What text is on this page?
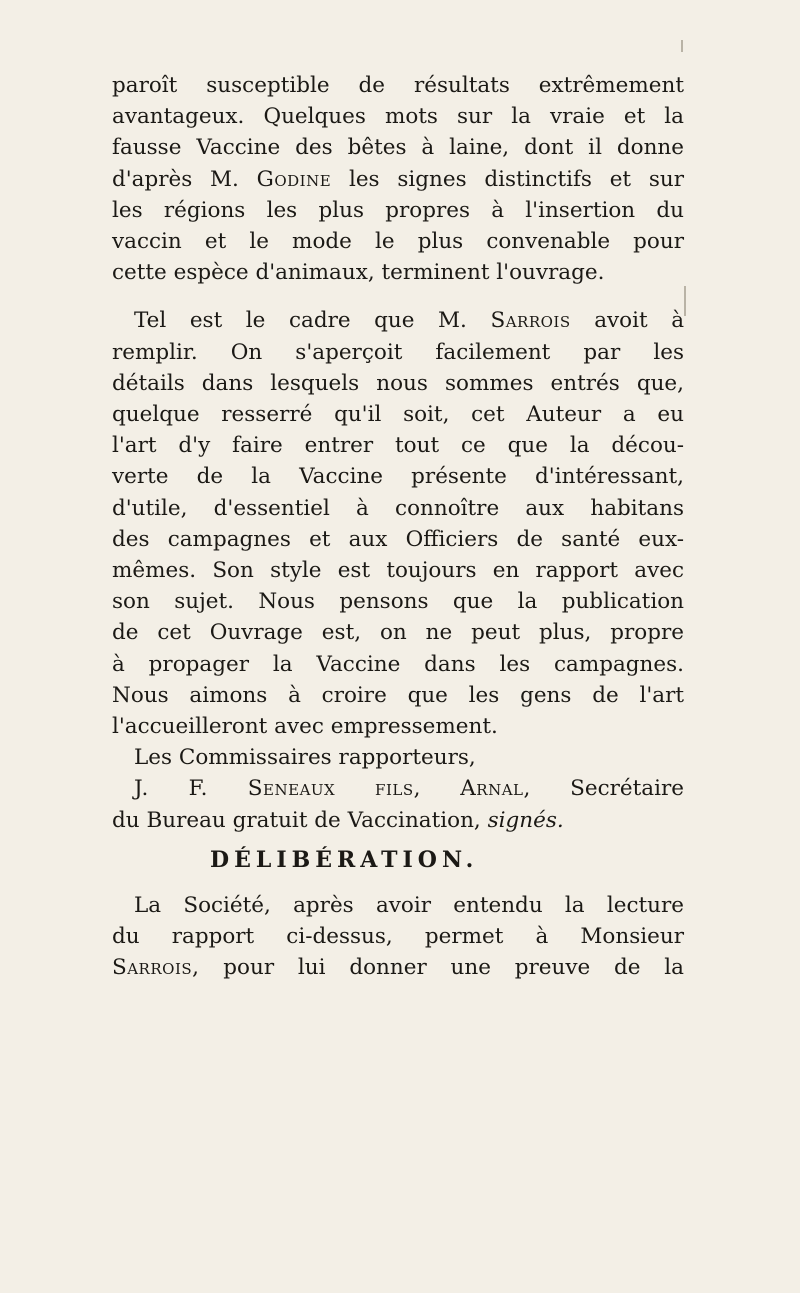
paroît susceptible de résultats extrêmement
avantageux. Quelques mots sur la vraie et la
fausse Vaccine des bêtes à laine, dont il donne
d'après M. Godine les signes distinctifs et sur
les régions les plus propres à l'insertion du
vaccin et le mode le plus convenable pour
cette espèce d'animaux, terminent l'ouvrage.

Tel est le cadre que M. Sarrois avoit à
remplir. On s'aperçoit facilement par les
détails dans lesquels nous sommes entrés que,
quelque resserré qu'il soit, cet Auteur a eu
l'art d'y faire entrer tout ce que la décou-
verte de la Vaccine présente d'intéressant,
d'utile, d'essentiel à connoître aux habitans
des campagnes et aux Officiers de santé eux-
mêmes. Son style est toujours en rapport avec
son sujet. Nous pensons que la publication
de cet Ouvrage est, on ne peut plus, propre
à propager la Vaccine dans les campagnes.
Nous aimons à croire que les gens de l'art
l'accueilleront avec empressement.

Les Commissaires rapporteurs,
J. F. Seneaux fils, Arnal, Secrétaire
du Bureau gratuit de Vaccination, signés.

DÉLIBÉRATION.

La Société, après avoir entendu la lecture
du rapport ci-dessus, permet à Monsieur
Sarrois, pour lui donner une preuve de la
